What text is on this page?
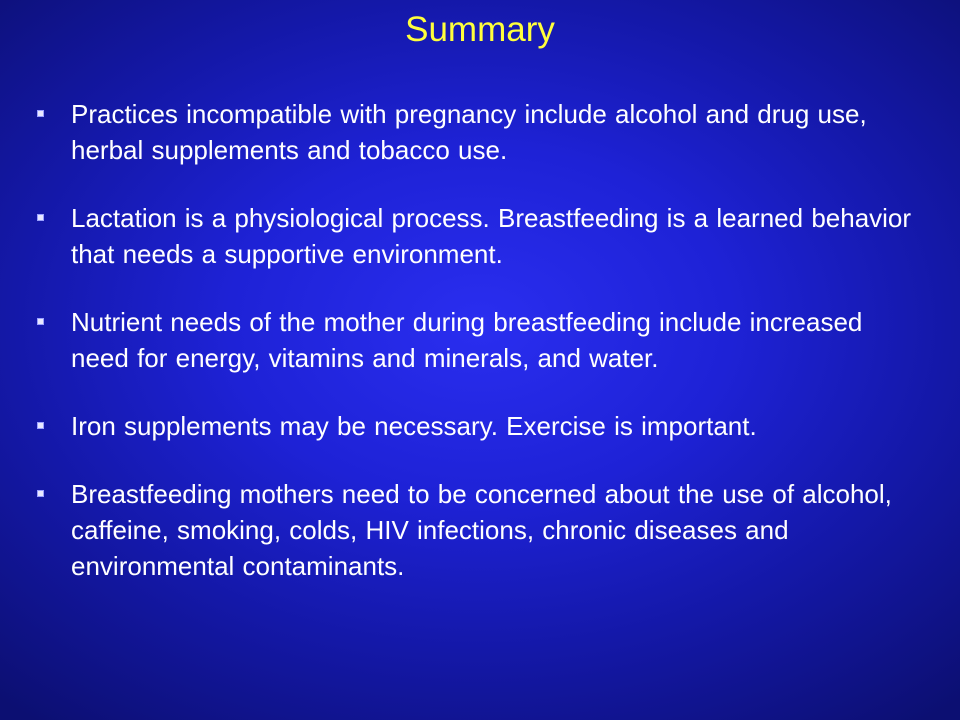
Summary
Practices incompatible with pregnancy include alcohol and drug use, herbal supplements and tobacco use.
Lactation is a physiological process. Breastfeeding is a learned behavior that needs a supportive environment.
Nutrient needs of the mother during breastfeeding include increased need for energy, vitamins and minerals, and water.
Iron supplements may be necessary. Exercise is important.
Breastfeeding mothers need to be concerned about the use of alcohol, caffeine, smoking, colds, HIV infections, chronic diseases and environmental contaminants.
